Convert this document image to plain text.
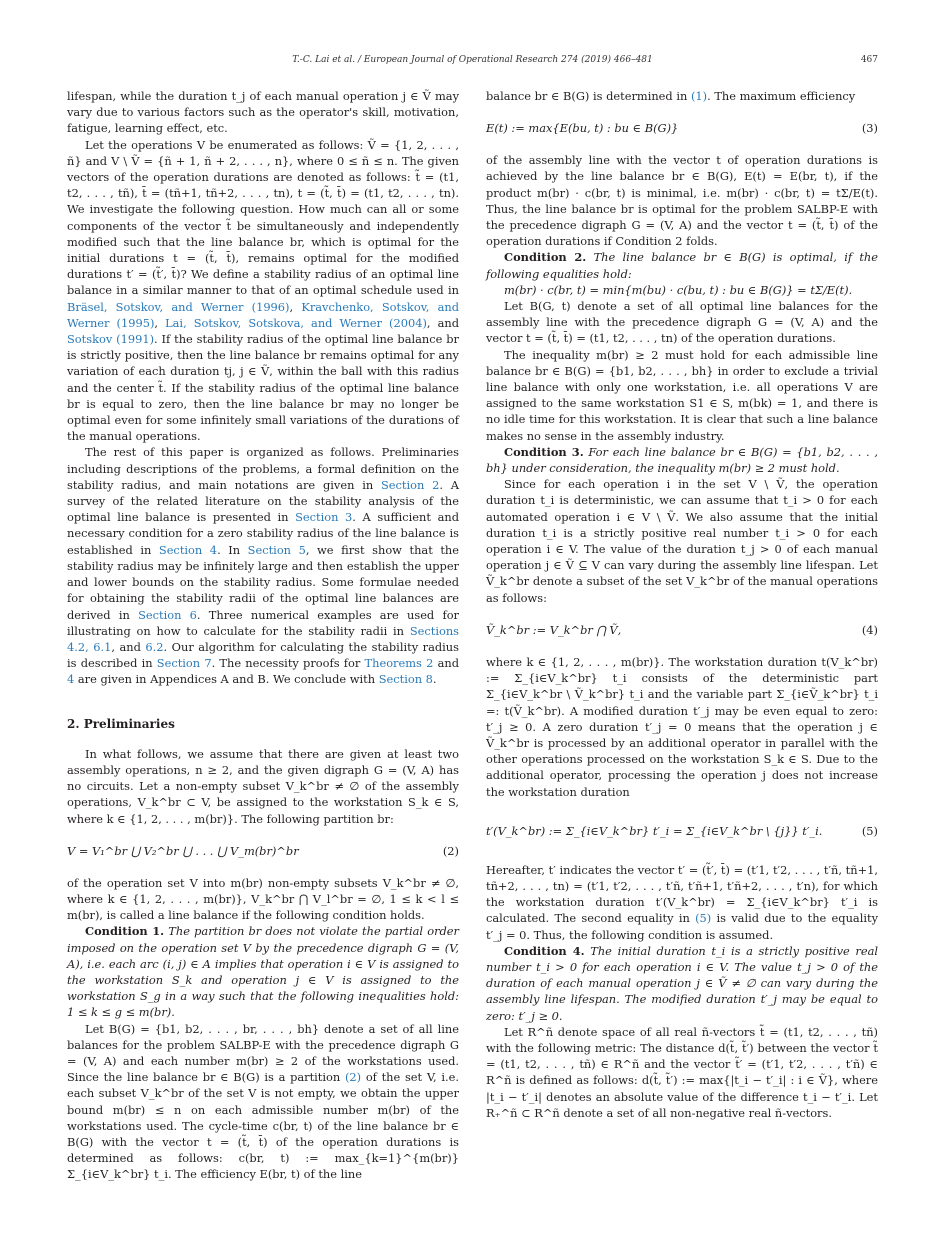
T.-C. Lai et al. / European Journal of Operational Research 274 (2019) 466–481	467

lifespan, while the duration t_j of each manual operation j ∈ Ṽ may vary due to various factors such as the operator's skill, motivation, fatigue, learning effect, etc.

Let the operations V be enumerated as follows: Ṽ = {1, 2, . . . , ñ} and V \ Ṽ = {ñ + 1, ñ + 2, . . . , n}, where 0 ≤ ñ ≤ n. The given vectors of the operation durations are denoted as follows: t̃ = (t1, t2, . . . , tñ), t̄ = (tñ+1, tñ+2, . . . , tn), t = (t̃, t̄) = (t1, t2, . . . , tn). We investigate the following question. How much can all or some components of the vector t̃ be simultaneously and independently modified such that the line balance br, which is optimal for the initial durations t = (t̃, t̄), remains optimal for the modified durations t′ = (t̃′, t̄)? We define a stability radius of an optimal line balance in a similar manner to that of an optimal schedule used in Bräsel, Sotskov, and Werner (1996), Kravchenko, Sotskov, and Werner (1995), Lai, Sotskov, Sotskova, and Werner (2004), and Sotskov (1991). If the stability radius of the optimal line balance br is strictly positive, then the line balance br remains optimal for any variation of each duration tj, j ∈ Ṽ, within the ball with this radius and the center t̃. If the stability radius of the optimal line balance br is equal to zero, then the line balance br may no longer be optimal even for some infinitely small variations of the durations of the manual operations.

The rest of this paper is organized as follows. Preliminaries including descriptions of the problems, a formal definition on the stability radius, and main notations are given in Section 2. A survey of the related literature on the stability analysis of the optimal line balance is presented in Section 3. A sufficient and necessary condition for a zero stability radius of the line balance is established in Section 4. In Section 5, we first show that the stability radius may be infinitely large and then establish the upper and lower bounds on the stability radius. Some formulae needed for obtaining the stability radii of the optimal line balances are derived in Section 6. Three numerical examples are used for illustrating on how to calculate for the stability radii in Sections 4.2, 6.1, and 6.2. Our algorithm for calculating the stability radius is described in Section 7. The necessity proofs for Theorems 2 and 4 are given in Appendices A and B. We conclude with Section 8.

2. Preliminaries

In what follows, we assume that there are given at least two assembly operations, n ≥ 2, and the given digraph G = (V, A) has no circuits. Let a non-empty subset V_k^br ≠ ∅ of the assembly operations, V_k^br ⊂ V, be assigned to the workstation S_k ∈ S, where k ∈ {1, 2, . . . , m(br)}. The following partition br:

V = V₁^br ⋃ V₂^br ⋃ . . . ⋃ V_m(br)^br	(2)

of the operation set V into m(br) non-empty subsets V_k^br ≠ ∅, where k ∈ {1, 2, . . . , m(br)}, V_k^br ⋂ V_l^br = ∅, 1 ≤ k < l ≤ m(br), is called a line balance if the following condition holds.

Condition 1. The partition br does not violate the partial order imposed on the operation set V by the precedence digraph G = (V, A), i.e. each arc (i, j) ∈ A implies that operation i ∈ V is assigned to the workstation S_k and operation j ∈ V is assigned to the workstation S_g in a way such that the following inequalities hold: 1 ≤ k ≤ g ≤ m(br).

Let B(G) = {b1, b2, . . . , br, . . . , bh} denote a set of all line balances for the problem SALBP-E with the precedence digraph G = (V, A) and each number m(br) ≥ 2 of the workstations used. Since the line balance br ∈ B(G) is a partition (2) of the set V, i.e. each subset V_k^br of the set V is not empty, we obtain the upper bound m(br) ≤ n on each admissible number m(br) of the workstations used. The cycle-time c(br, t) of the line balance br ∈ B(G) with the vector t = (t̃, t̄) of the operation durations is determined as follows: c(br, t) := max_{k=1}^{m(br)} Σ_{i∈V_k^br} t_i. The efficiency E(br, t) of the line

balance br ∈ B(G) is determined in (1). The maximum efficiency

E(t) := max{E(bu, t) : bu ∈ B(G)}	(3)

of the assembly line with the vector t of operation durations is achieved by the line balance br ∈ B(G), E(t) = E(br, t), if the product m(br) · c(br, t) is minimal, i.e. m(br) · c(br, t) = tΣ/E(t). Thus, the line balance br is optimal for the problem SALBP-E with the precedence digraph G = (V, A) and the vector t = (t̃, t̄) of the operation durations if Condition 2 folds.

Condition 2. The line balance br ∈ B(G) is optimal, if the following equalities hold:

m(br) · c(br, t) = min{m(bu) · c(bu, t) : bu ∈ B(G)} = tΣ/E(t).

Let B(G, t) denote a set of all optimal line balances for the assembly line with the precedence digraph G = (V, A) and the vector t = (t̃, t̄) = (t1, t2, . . . , tn) of the operation durations.

The inequality m(br) ≥ 2 must hold for each admissible line balance br ∈ B(G) = {b1, b2, . . . , bh} in order to exclude a trivial line balance with only one workstation, i.e. all operations V are assigned to the same workstation S1 ∈ S, m(bk) = 1, and there is no idle time for this workstation. It is clear that such a line balance makes no sense in the assembly industry.

Condition 3. For each line balance br ∈ B(G) = {b1, b2, . . . , bh} under consideration, the inequality m(br) ≥ 2 must hold.

Since for each operation i in the set V \ Ṽ, the operation duration t_i is deterministic, we can assume that t_i > 0 for each automated operation i ∈ V \ Ṽ. We also assume that the initial duration t_i is a strictly positive real number t_i > 0 for each operation i ∈ V. The value of the duration t_j > 0 of each manual operation j ∈ Ṽ ⊆ V can vary during the assembly line lifespan. Let Ṽ_k^br denote a subset of the set V_k^br of the manual operations as follows:

Ṽ_k^br := V_k^br ⋂ Ṽ,	(4)

where k ∈ {1, 2, . . . , m(br)}. The workstation duration t(V_k^br) := Σ_{i∈V_k^br} t_i consists of the deterministic part Σ_{i∈V_k^br \ Ṽ_k^br} t_i and the variable part Σ_{i∈Ṽ_k^br} t_i =: t(Ṽ_k^br). A modified duration t′_j may be even equal to zero: t′_j ≥ 0. A zero duration t′_j = 0 means that the operation j ∈ Ṽ_k^br is processed by an additional operator in parallel with the other operations processed on the workstation S_k ∈ S. Due to the additional operator, processing the operation j does not increase the workstation duration

t′(V_k^br) := Σ_{i∈V_k^br} t′_i = Σ_{i∈V_k^br \ {j}} t′_i.	(5)

Hereafter, t′ indicates the vector t′ = (t̃′, t̄) = (t′1, t′2, . . . , t′ñ, tñ+1, tñ+2, . . . , tn) = (t′1, t′2, . . . , t′ñ, t′ñ+1, t′ñ+2, . . . , t′n), for which the workstation duration t′(V_k^br) = Σ_{i∈V_k^br} t′_i is calculated. The second equality in (5) is valid due to the equality t′_j = 0. Thus, the following condition is assumed.

Condition 4. The initial duration t_i is a strictly positive real number t_i > 0 for each operation i ∈ V. The value t_j > 0 of the duration of each manual operation j ∈ Ṽ ≠ ∅ can vary during the assembly line lifespan. The modified duration t′_j may be equal to zero: t′_j ≥ 0.

Let R^ñ denote space of all real ñ-vectors t̃ = (t1, t2, . . . , tñ) with the following metric: The distance d(t̃, t̃′) between the vector t̃ = (t1, t2, . . . , tñ) ∈ R^ñ and the vector t̃′ = (t′1, t′2, . . . , t′ñ) ∈ R^ñ is defined as follows: d(t̃, t̃′) := max{|t_i − t′_i| : i ∈ Ṽ}, where |t_i − t′_i| denotes an absolute value of the difference t_i − t′_i. Let R₊^ñ ⊂ R^ñ denote a set of all non-negative real ñ-vectors.
